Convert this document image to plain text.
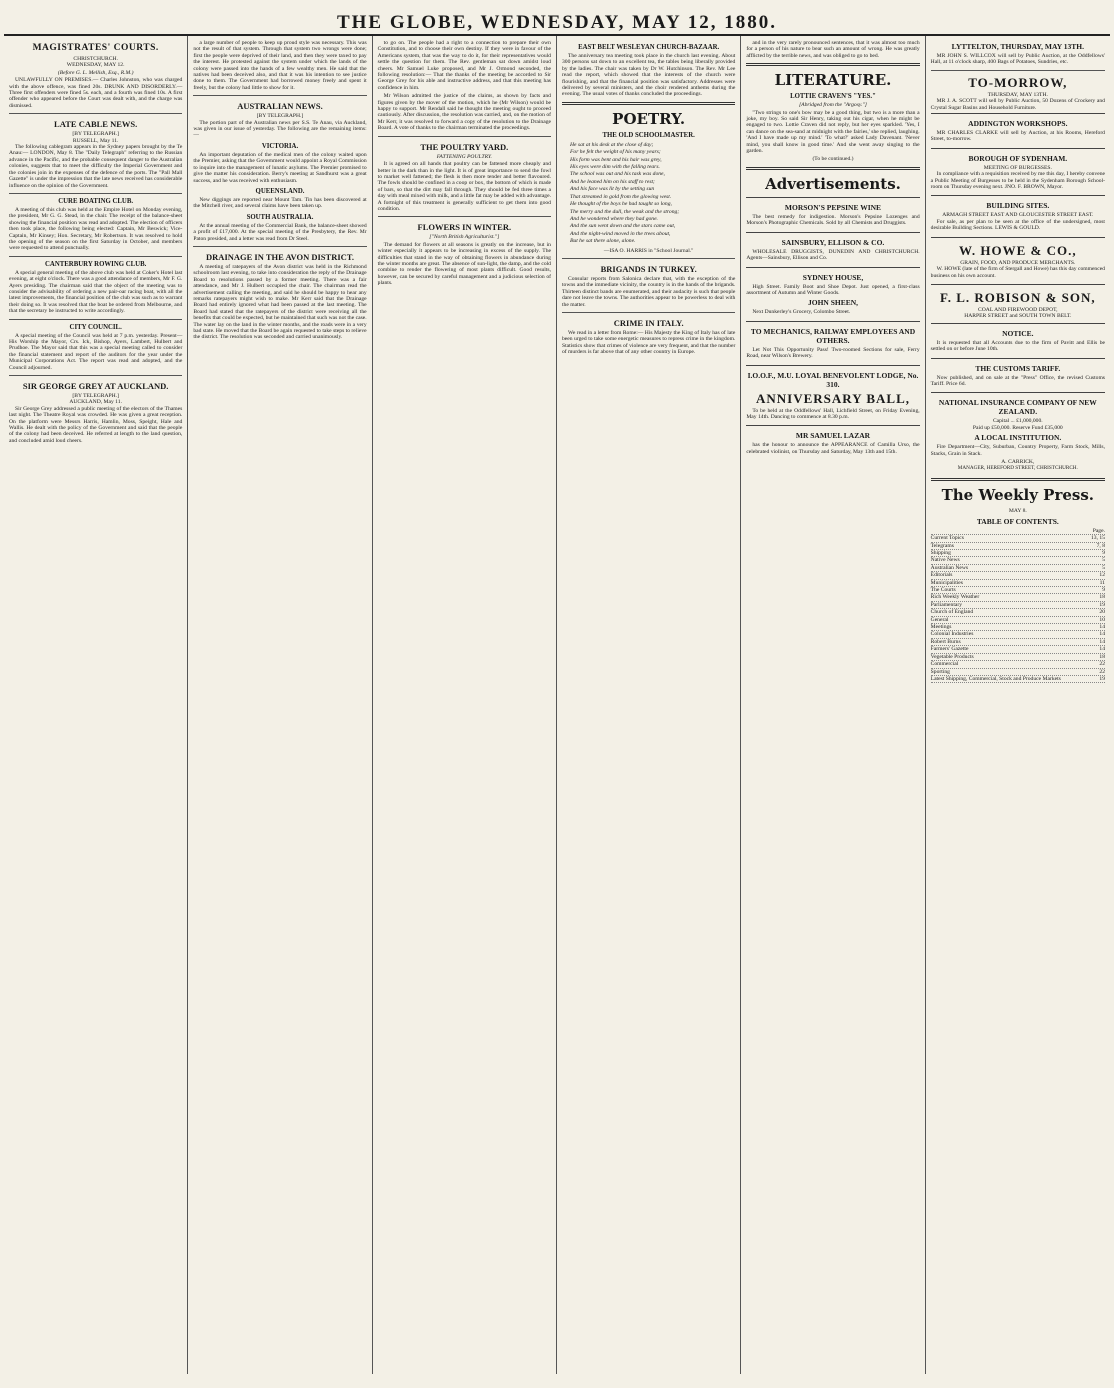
THE GLOBE, WEDNESDAY, MAY 12, 1880.
MAGISTRATES' COURTS.
CHRISTCHURCH.
WEDNESDAY, MAY 12.
(Before G. L. Mellish, Esq., R.M.)

UNLAWFULLY ON PREMISES.— Charles Johnston, who was charged with the above offence, was fined 20s. DRUNK AND DISORDERLY.— Three first offenders were fined 5s. each, and a fourth was fined 10s. A first offender who appeared before the Court was dealt with, and the charge was dismissed.

LATE CABLE NEWS.
[BY TELEGRAPH.]
RUSSELL, May 11.

The following cablegram appears in the Sydney papers brought by the Te Anau:— LONDON, May 8. The "Daily Telegraph" referring to the Russian advance in the Pacific, and the probable consequent danger to the Australian colonies, suggests that to meet the difficulty the Imperial Government and the colonies join in the expenses of the defence of the ports. The "Pall Mall Gazette" is under the impression that the late news received has considerable influence on the opinion of the Government.

CURE BOATING CLUB.

A meeting of this club was held at the Empire Hotel on Monday evening, the president, Mr G. G. Stead, in the chair. The receipt of the balance-sheet showing the financial position was read and adopted. The election of officers then took place, the following being elected: Captain, Mr Beswick; Vice-Captain, Mr Kinsey; Hon. Secretary, Mr Robertson. It was resolved to hold the opening of the season on the first Saturday in October, and members were requested to attend punctually.

CANTERBURY ROWING CLUB.

A special general meeting of the above club was held at Coker's Hotel last evening, at eight o'clock. There was a good attendance of members, Mr F. G. Ayers presiding. The chairman said that the object of the meeting was to consider the advisability of ordering a new pair-oar racing boat, with all the latest improvements, the financial position of the club was such as to warrant their doing so. It was resolved that the boat be ordered from Melbourne, and that the secretary be instructed to write accordingly.

CITY COUNCIL.

A special meeting of the Council was held at 7 p.m. yesterday. Present—His Worship the Mayor, Crs. Ick, Bishop, Ayers, Lambert, Hulbert and Prudhoe. The Mayor said that this was a special meeting called to consider the financial statement and report of the auditors for the year under the Municipal Corporations Act. The report was read and adopted, and the Council adjourned.

SIR GEORGE GREY AT AUCKLAND.
[BY TELEGRAPH.]
AUCKLAND, May 11.

Sir George Grey addressed a public meeting of the electors of the Thames last night. The Theatre Royal was crowded. He was given a great reception. On the platform were Messrs Harris, Hamlin, Moss, Speight, Hale and Wallis. He dealt with the policy of the Government and said that the people of the colony had been deceived. He referred at length to the land question, and concluded amid loud cheers.

a large number of people to keep up proud style was necessary. This was not the result of that system. Through that system two wrongs were done; first the people were deprived of their land, and then they were taxed to pay the interest. He protested against the system under which the lands of the colony were passed into the hands of a few wealthy men. He said that the natives had been deceived also, and that it was his intention to see justice done to them. The Government had borrowed money freely and spent it freely, but the colony had little to show for it.

AUSTRALIAN NEWS.
[BY TELEGRAPH.]

The portion part of the Australian news per S.S. Te Anau, via Auckland, was given in our issue of yesterday. The following are the remaining items:—

VICTORIA.

An important deputation of the medical men of the colony waited upon the Premier, asking that the Government would appoint a Royal Commission to inquire into the management of lunatic asylums. The Premier promised to give the matter his consideration. Berry's meeting at Sandhurst was a great success, and he was received with enthusiasm.

QUEENSLAND.

New diggings are reported near Mount Tam. Tin has been discovered at the Mitchell river, and several claims have been taken up.

SOUTH AUSTRALIA.

At the annual meeting of the Commercial Bank, the balance-sheet showed a profit of £17,000. At the special meeting of the Presbytery, the Rev. Mr Paton presided, and a letter was read from Dr Steel.

DRAINAGE IN THE AVON DISTRICT.

A meeting of ratepayers of the Avon district was held in the Richmond schoolroom last evening, to take into consideration the reply of the Drainage Board to resolutions passed by a former meeting. There was a fair attendance, and Mr J. Hulbert occupied the chair. The chairman read the advertisement calling the meeting, and said he should be happy to hear any remarks ratepayers might wish to make. Mr Kerr said that the Drainage Board had entirely ignored what had been passed at the last meeting. The Board had stated that the ratepayers of the district were receiving all the benefits that could be expected, but he maintained that such was not the case. The water lay on the land in the winter months, and the roads were in a very bad state. He moved that the Board be again requested to take steps to relieve the district. The resolution was seconded and carried unanimously.

to go on. The people had a right to a connection to prepare their own Constitution, and to choose their own destiny. If they were in favour of the Americans system, that was the way to do it, for their representatives would settle the question for them. The Rev. gentleman sat down amidst loud cheers. Mr Samuel Luke proposed, and Mr J. Ormond seconded, the following resolution:— That the thanks of the meeting be accorded to Sir George Grey for his able and instructive address, and that this meeting has confidence in him.

Mr Wilson admitted the justice of the claims, as shown by facts and figures given by the mover of the motion, which he (Mr Wilson) would be happy to support. Mr Rendall said he thought the meeting ought to proceed cautiously. After discussion, the resolution was carried, and, on the motion of Mr Kerr, it was resolved to forward a copy of the resolution to the Drainage Board. A vote of thanks to the chairman terminated the proceedings.

THE POULTRY YARD.
FATTENING POULTRY.

It is agreed on all hands that poultry can be fattened more cheaply and better in the dark than in the light. It is of great importance to send the fowl to market well fattened; the flesh is then more tender and better flavoured. The fowls should be confined in a coop or box, the bottom of which is made of bars, so that the dirt may fall through. They should be fed three times a day with meal mixed with milk, and a little fat may be added with advantage. A fortnight of this treatment is generally sufficient to get them into good condition.

FLOWERS IN WINTER.
["North British Agriculturist."]

The demand for flowers at all seasons is greatly on the increase, but in winter especially it appears to be increasing in excess of the supply. The difficulties that stand in the way of obtaining flowers in abundance during the winter months are great. The absence of sun-light, the damp, and the cold combine to render the flowering of most plants difficult. Good results, however, can be secured by careful management and a judicious selection of plants.

EAST BELT WESLEYAN CHURCH-BAZAAR.

The anniversary tea meeting took place in the church last evening. About 300 persons sat down to an excellent tea, the tables being liberally provided by the ladies. The chair was taken by Dr W. Hutchinson. The Rev. Mr Lee read the report, which showed that the interests of the church were flourishing, and that the financial position was satisfactory. Addresses were delivered by several ministers, and the choir rendered anthems during the evening. The usual votes of thanks concluded the proceedings.

POETRY.
THE OLD SCHOOLMASTER.
He sat at his desk at the close of day;
For he felt the weight of his many years;
His form was bent and his hair was grey,
His eyes were dim with the falling tears.
The school was out and his task was done,
And he leaned him on his staff to rest;
And his face was lit by the setting sun
That streamed in gold from the glowing west.
He thought of the boys he had taught so long,
The merry and the dull, the weak and the strong;
And he wondered where they had gone.
And the sun went down and the stars came out,
And the night-wind moved in the trees about,
But he sat there alone, alone.
—ISA O. HARRIS in "School Journal."
BRIGANDS IN TURKEY.

Consular reports from Salonica declare that, with the exception of the towns and the immediate vicinity, the country is in the hands of the brigands. Thirteen distinct bands are enumerated, and their audacity is such that people dare not leave the towns. The authorities appear to be powerless to deal with the matter.

CRIME IN ITALY.

We read in a letter from Rome:— His Majesty the King of Italy has of late been urged to take some energetic measures to repress crime in the kingdom. Statistics show that crimes of violence are very frequent, and that the number of murders is far above that of any other country in Europe.

and in the very rarely pronounced sentences, that it was almost too much for a person of his nature to bear such an amount of wrong. He was greatly afflicted by the terrible news, and was obliged to go to bed.

LITERATURE.
LOTTIE CRAVEN'S "YES."
[Abridged from the "Argosy."]

"Two strings to one's bow may be a good thing, but two is a more than a joke, my boy. So said Sir Henry, taking out his cigar, when he might be engaged to two. Lottie Craven did not reply, but her eyes sparkled. 'Yes, I can dance on the sea-sand at midnight with the fairies,' she replied, laughing. 'And I have made up my mind.' 'To what?' asked Lady Davenant. 'Never mind, you shall know in good time.' And she went away singing to the garden.

(To be continued.)
Advertisements.
MORSON'S PEPSINE WINE

The best remedy for indigestion. Morson's Pepsine Lozenges and Morson's Photographic Chemicals. Sold by all Chemists and Druggists.

SAINSBURY, ELLISON & CO.

WHOLESALE DRUGGISTS, DUNEDIN AND CHRISTCHURCH. Agents—Sainsbury, Ellison and Co.

SYDNEY HOUSE,

High Street. Family Boot and Shoe Depot. Just opened, a first-class assortment of Autumn and Winter Goods.

JOHN SHEEN,

Next Dunkerley's Grocery, Colombo Street.

TO MECHANICS, RAILWAY EMPLOYEES AND OTHERS.

Let Not This Opportunity Pass! Two-roomed Sections for sale, Ferry Road, near Wilson's Brewery.

I.O.O.F., M.U. LOYAL BENEVOLENT LODGE, No. 310.
ANNIVERSARY BALL,

To be held at the Oddfellows' Hall, Lichfield Street, on Friday Evening, May 14th. Dancing to commence at 8.30 p.m.

MR SAMUEL LAZAR

has the honour to announce the APPEARANCE of Camilla Urso, the celebrated violinist, on Thursday and Saturday, May 13th and 15th.

LYTTELTON, THURSDAY, MAY 13TH.

MR JOHN S. WILLCOX will sell by Public Auction, at the Oddfellows' Hall, at 11 o'clock sharp, 400 Bags of Potatoes, Sundries, etc.

TO-MORROW,
THURSDAY, MAY 13TH.

MR J. A. SCOTT will sell by Public Auction, 50 Dozens of Crockery and Crystal Sugar Basins and Household Furniture.

ADDINGTON WORKSHOPS.

MR CHARLES CLARKE will sell by Auction, at his Rooms, Hereford Street, to-morrow.

BOROUGH OF SYDENHAM.
MEETING OF BURGESSES.

In compliance with a requisition received by me this day, I hereby convene a Public Meeting of Burgesses to be held in the Sydenham Borough School-room on Thursday evening next. JNO. F. BROWN, Mayor.

BUILDING SITES.
ARMAGH STREET EAST AND GLOUCESTER STREET EAST.

For sale, as per plan to be seen at the office of the undersigned, most desirable Building Sections. LEWIS & GOULD.

W. HOWE & CO.,
GRAIN, FOOD, AND PRODUCE MERCHANTS.

W. HOWE (late of the firm of Stergall and Howe) has this day commenced business on his own account.

F. L. ROBISON & SON,
COAL AND FIREWOOD DEPOT,
HARPER STREET and SOUTH TOWN BELT.
NOTICE.

It is requested that all Accounts due to the firm of Pavitt and Ellis be settled on or before June 10th.

THE CUSTOMS TARIFF.

Now published, and on sale at the "Press" Office, the revised Customs Tariff. Price 6d.

NATIONAL INSURANCE COMPANY OF NEW ZEALAND.
Capital ... £1,000,000.
Paid up £50,000. Reserve Fund £35,000
A LOCAL INSTITUTION.

Fire Department—City, Suburban, Country Property, Farm Stock, Mills, Stacks, Grain in Stack.

A. CARRICK,
MANAGER, HEREFORD STREET, CHRISTCHURCH.
The Weekly Press.
MAY 8.
TABLE OF CONTENTS.
Page.
Current Topics	13, 15
Telegrams	7, 8
Shipping	9
Native News	5
Australian News	5
Editorials	12
Municipalities	11
The Courts	9
Rich Weekly Weather	18
Parliamentary	19
Church of England	20
General	10
Meetings	14
Colonial Industries	14
Robert Burns	14
Farmers' Gazette	14
Vegetable Products	18
Commercial	22
Sporting	22
Latest Shipping, Commercial, Stock and Produce Markets	19
